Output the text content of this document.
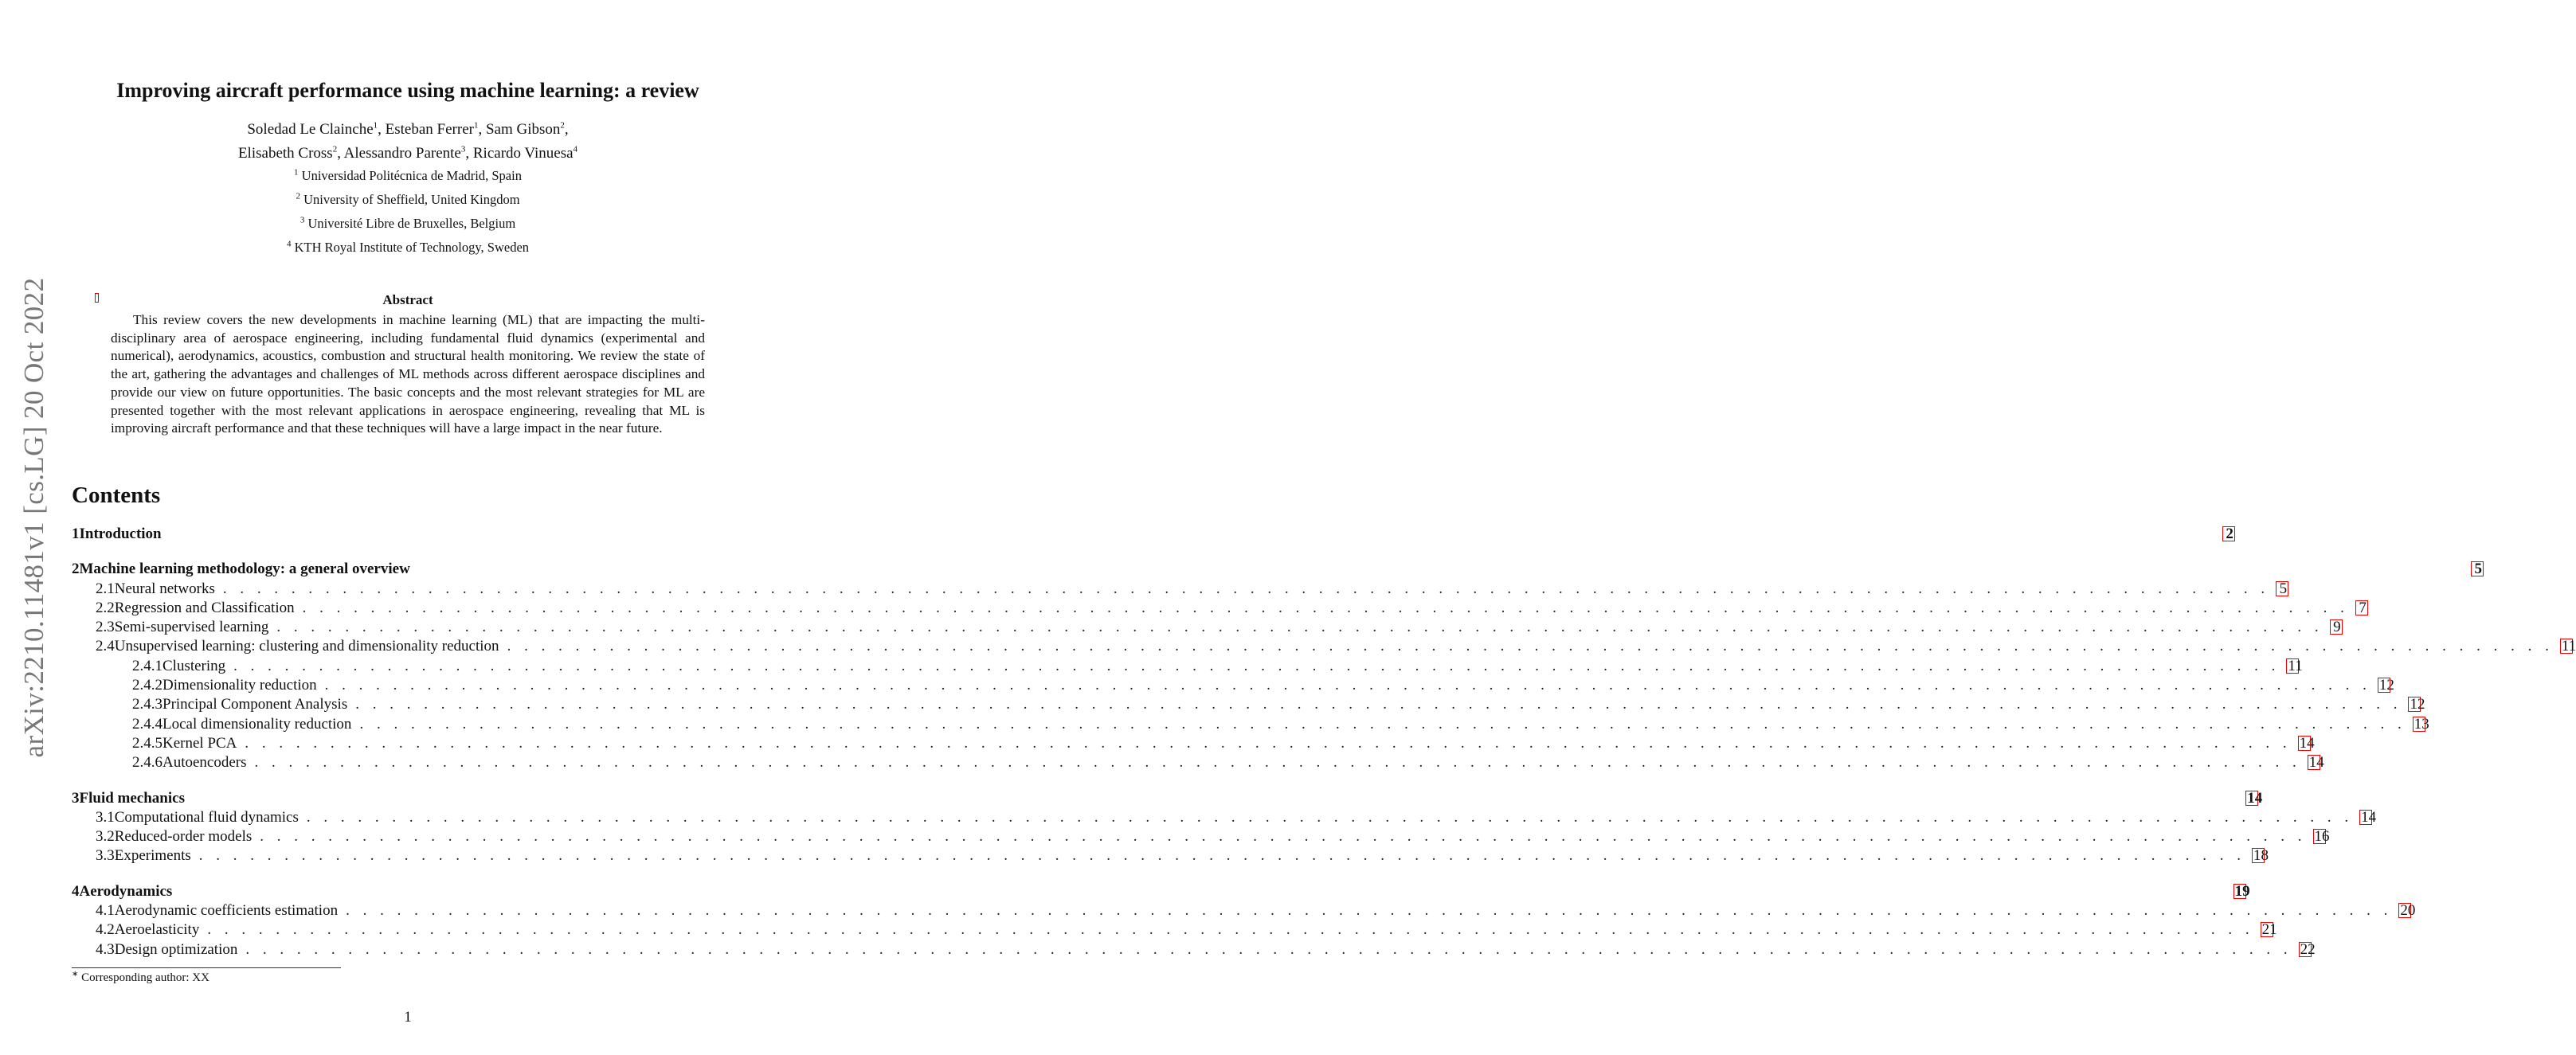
arXiv:2210.11481v1 [cs.LG] 20 Oct 2022
Improving aircraft performance using machine learning: a review
Soledad Le Clainche$^1$, Esteban Ferrer$^1$, Sam Gibson$^2$,
Elisabeth Cross$^2$, Alessandro Parente$^3$, Ricardo Vinuesa$^4$
$^1$ Universidad Politécnica de Madrid, Spain
$^2$ University of Sheffield, United Kingdom
$^3$ Université Libre de Bruxelles, Belgium
$^4$ KTH Royal Institute of Technology, Sweden
Abstract
This review covers the new developments in machine learning (ML) that are impacting the multi-disciplinary area of aerospace engineering, including fundamental fluid dynamics (experimental and numerical), aerodynamics, acoustics, combustion and structural health monitoring. We review the state of the art, gathering the advantages and challenges of ML methods across different aerospace disciplines and provide our view on future opportunities. The basic concepts and the most relevant strategies for ML are presented together with the most relevant applications in aerospace engineering, revealing that ML is improving aircraft performance and that these techniques will have a large impact in the near future.
Contents
1 Introduction	2
2 Machine learning methodology: a general overview	5
2.1 Neural networks . . . . . . . . . . . . . . . . . . . . . . . . . . . . . . . . . . . . . . . . . . . . . . . . . . . . . . . . . . . . . . . . . . . . . . . . . . . . . . . . . . . . . . . . . . . . . . . . . . . . . . . . . . . . . . . . . . . . . . . . 5
2.2 Regression and Classification . . . . . . . . . . . . . . . . . . . . . . . . . . . . . . . . . . . . . . . . . . . . . . . . . . . . . . . . . . . . . . . . . . . . . . . . . . . . . . . . . . . . . . . . . . . . . . . . . . . . . . . . . . . . . . . . . . . . . . . . 7
2.3 Semi-supervised learning . . . . . . . . . . . . . . . . . . . . . . . . . . . . . . . . . . . . . . . . . . . . . . . . . . . . . . . . . . . . . . . . . . . . . . . . . . . . . . . . . . . . . . . . . . . . . . . . . . . . . . . . . . . . . . . . . . . . . . . . 9
2.4 Unsupervised learning: clustering and dimensionality reduction . . . . . . . . . . . . . . . . . . . . . . . . . . . . . . . . . . . . . . . . . . . . . . . . . . . . . . . . . . . . . . . . . . . . . . . . . . . . . . . . . . . . . . . . . . . . . . . . . . . . . . . . . . . . . . . . . . . . . . . . 11
2.4.1 Clustering . . . . . . . . . . . . . . . . . . . . . . . . . . . . . . . . . . . . . . . . . . . . . . . . . . . . . . . . . . . . . . . . . . . . . . . . . . . . . . . . . . . . . . . . . . . . . . . . . . . . . . . . . . . . . . . . . . . . . . . . 11
2.4.2 Dimensionality reduction . . . . . . . . . . . . . . . . . . . . . . . . . . . . . . . . . . . . . . . . . . . . . . . . . . . . . . . . . . . . . . . . . . . . . . . . . . . . . . . . . . . . . . . . . . . . . . . . . . . . . . . . . . . . . . . . . . . . . . . . 12
2.4.3 Principal Component Analysis . . . . . . . . . . . . . . . . . . . . . . . . . . . . . . . . . . . . . . . . . . . . . . . . . . . . . . . . . . . . . . . . . . . . . . . . . . . . . . . . . . . . . . . . . . . . . . . . . . . . . . . . . . . . . . . . . . . . . . . . 12
2.4.4 Local dimensionality reduction . . . . . . . . . . . . . . . . . . . . . . . . . . . . . . . . . . . . . . . . . . . . . . . . . . . . . . . . . . . . . . . . . . . . . . . . . . . . . . . . . . . . . . . . . . . . . . . . . . . . . . . . . . . . . . . . . . . . . . . . 13
2.4.5 Kernel PCA . . . . . . . . . . . . . . . . . . . . . . . . . . . . . . . . . . . . . . . . . . . . . . . . . . . . . . . . . . . . . . . . . . . . . . . . . . . . . . . . . . . . . . . . . . . . . . . . . . . . . . . . . . . . . . . . . . . . . . . . 14
2.4.6 Autoencoders . . . . . . . . . . . . . . . . . . . . . . . . . . . . . . . . . . . . . . . . . . . . . . . . . . . . . . . . . . . . . . . . . . . . . . . . . . . . . . . . . . . . . . . . . . . . . . . . . . . . . . . . . . . . . . . . . . . . . . . . 14
3 Fluid mechanics	14
3.1 Computational fluid dynamics . . . . . . . . . . . . . . . . . . . . . . . . . . . . . . . . . . . . . . . . . . . . . . . . . . . . . . . . . . . . . . . . . . . . . . . . . . . . . . . . . . . . . . . . . . . . . . . . . . . . . . . . . . . . . . . . . . . . . . . . 14
3.2 Reduced-order models . . . . . . . . . . . . . . . . . . . . . . . . . . . . . . . . . . . . . . . . . . . . . . . . . . . . . . . . . . . . . . . . . . . . . . . . . . . . . . . . . . . . . . . . . . . . . . . . . . . . . . . . . . . . . . . . . . . . . . . . 16
3.3 Experiments . . . . . . . . . . . . . . . . . . . . . . . . . . . . . . . . . . . . . . . . . . . . . . . . . . . . . . . . . . . . . . . . . . . . . . . . . . . . . . . . . . . . . . . . . . . . . . . . . . . . . . . . . . . . . . . . . . . . . . . . 18
4 Aerodynamics	19
4.1 Aerodynamic coefficients estimation . . . . . . . . . . . . . . . . . . . . . . . . . . . . . . . . . . . . . . . . . . . . . . . . . . . . . . . . . . . . . . . . . . . . . . . . . . . . . . . . . . . . . . . . . . . . . . . . . . . . . . . . . . . . . . . . . . . . . . . . 20
4.2 Aeroelasticity . . . . . . . . . . . . . . . . . . . . . . . . . . . . . . . . . . . . . . . . . . . . . . . . . . . . . . . . . . . . . . . . . . . . . . . . . . . . . . . . . . . . . . . . . . . . . . . . . . . . . . . . . . . . . . . . . . . . . . . . 21
4.3 Design optimization . . . . . . . . . . . . . . . . . . . . . . . . . . . . . . . . . . . . . . . . . . . . . . . . . . . . . . . . . . . . . . . . . . . . . . . . . . . . . . . . . . . . . . . . . . . . . . . . . . . . . . . . . . . . . . . . . . . . . . . . 22
∗ Corresponding author: XX
1
